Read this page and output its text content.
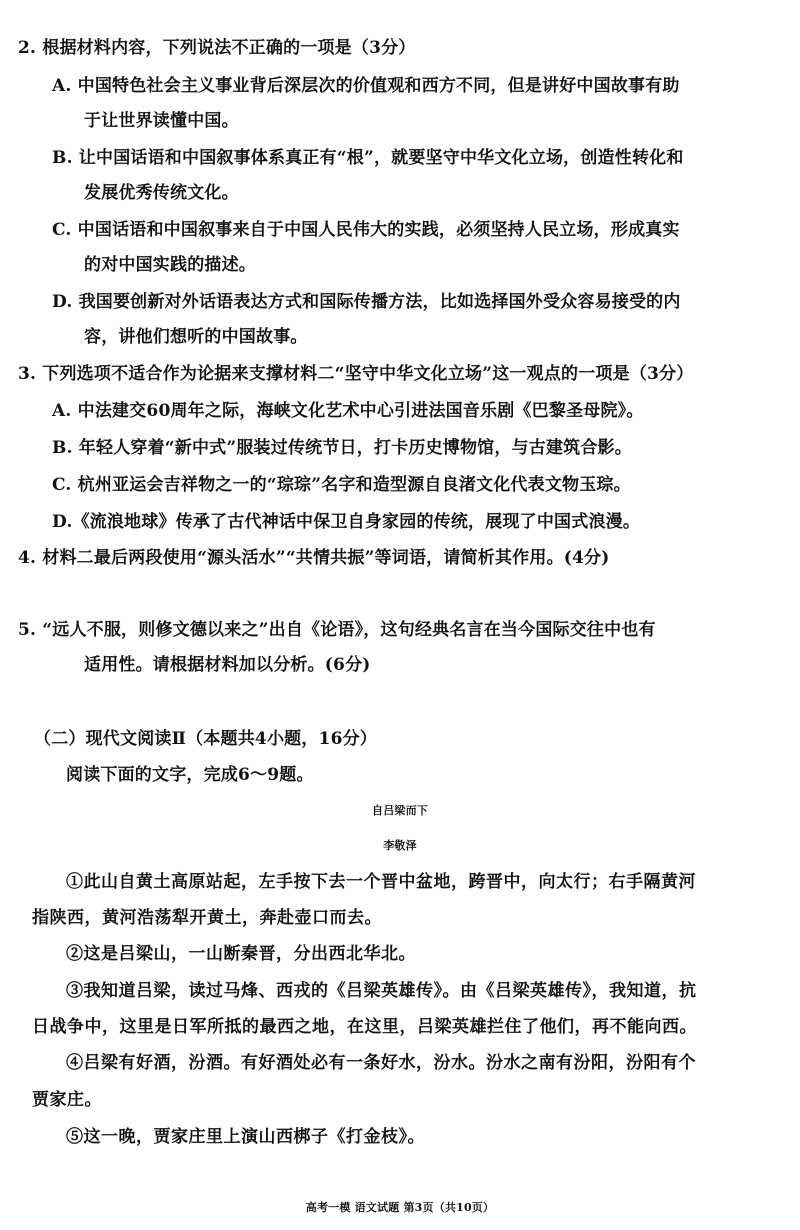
2. 根据材料内容，下列说法不正确的一项是（3分）
A. 中国特色社会主义事业背后深层次的价值观和西方不同，但是讲好中国故事有助
于让世界读懂中国。
B. 让中国话语和中国叙事体系真正有“根”，就要坚守中华文化立场，创造性转化和
发展优秀传统文化。
C. 中国话语和中国叙事来自于中国人民伟大的实践，必须坚持人民立场，形成真实
的对中国实践的描述。
D. 我国要创新对外话语表达方式和国际传播方法，比如选择国外受众容易接受的内
容，讲他们想听的中国故事。
3. 下列选项不适合作为论据来支撑材料二“坚守中华文化立场”这一观点的一项是（3分）
A. 中法建交60周年之际，海峡文化艺术中心引进法国音乐剧《巴黎圣母院》。
B. 年轻人穿着“新中式”服装过传统节日，打卡历史博物馆，与古建筑合影。
C. 杭州亚运会吉祥物之一的“琮琮”名字和造型源自良渚文化代表文物玉琮。
D.《流浪地球》传承了古代神话中保卫自身家园的传统，展现了中国式浪漫。
4. 材料二最后两段使用“源头活水”“共情共振”等词语，请简析其作用。(4分)
5. “远人不服，则修文德以来之”出自《论语》，这句经典名言在当今国际交往中也有
适用性。请根据材料加以分析。(6分)
（二）现代文阅读Ⅱ（本题共4小题，16分）
阅读下面的文字，完成6～9题。
自吕梁而下
李敬泽
①此山自黄土高原站起，左手按下去一个晋中盆地，跨晋中，向太行；右手隔黄河
指陕西，黄河浩荡犁开黄土，奔赴壶口而去。
②这是吕梁山，一山断秦晋，分出西北华北。
③我知道吕梁，读过马烽、西戎的《吕梁英雄传》。由《吕梁英雄传》，我知道，抗
日战争中，这里是日军所抵的最西之地，在这里，吕梁英雄拦住了他们，再不能向西。
④吕梁有好酒，汾酒。有好酒处必有一条好水，汾水。汾水之南有汾阳，汾阳有个
贾家庄。
⑤这一晚，贾家庄里上演山西梆子《打金枝》。
高考一模 语文试题 第3页（共10页）
